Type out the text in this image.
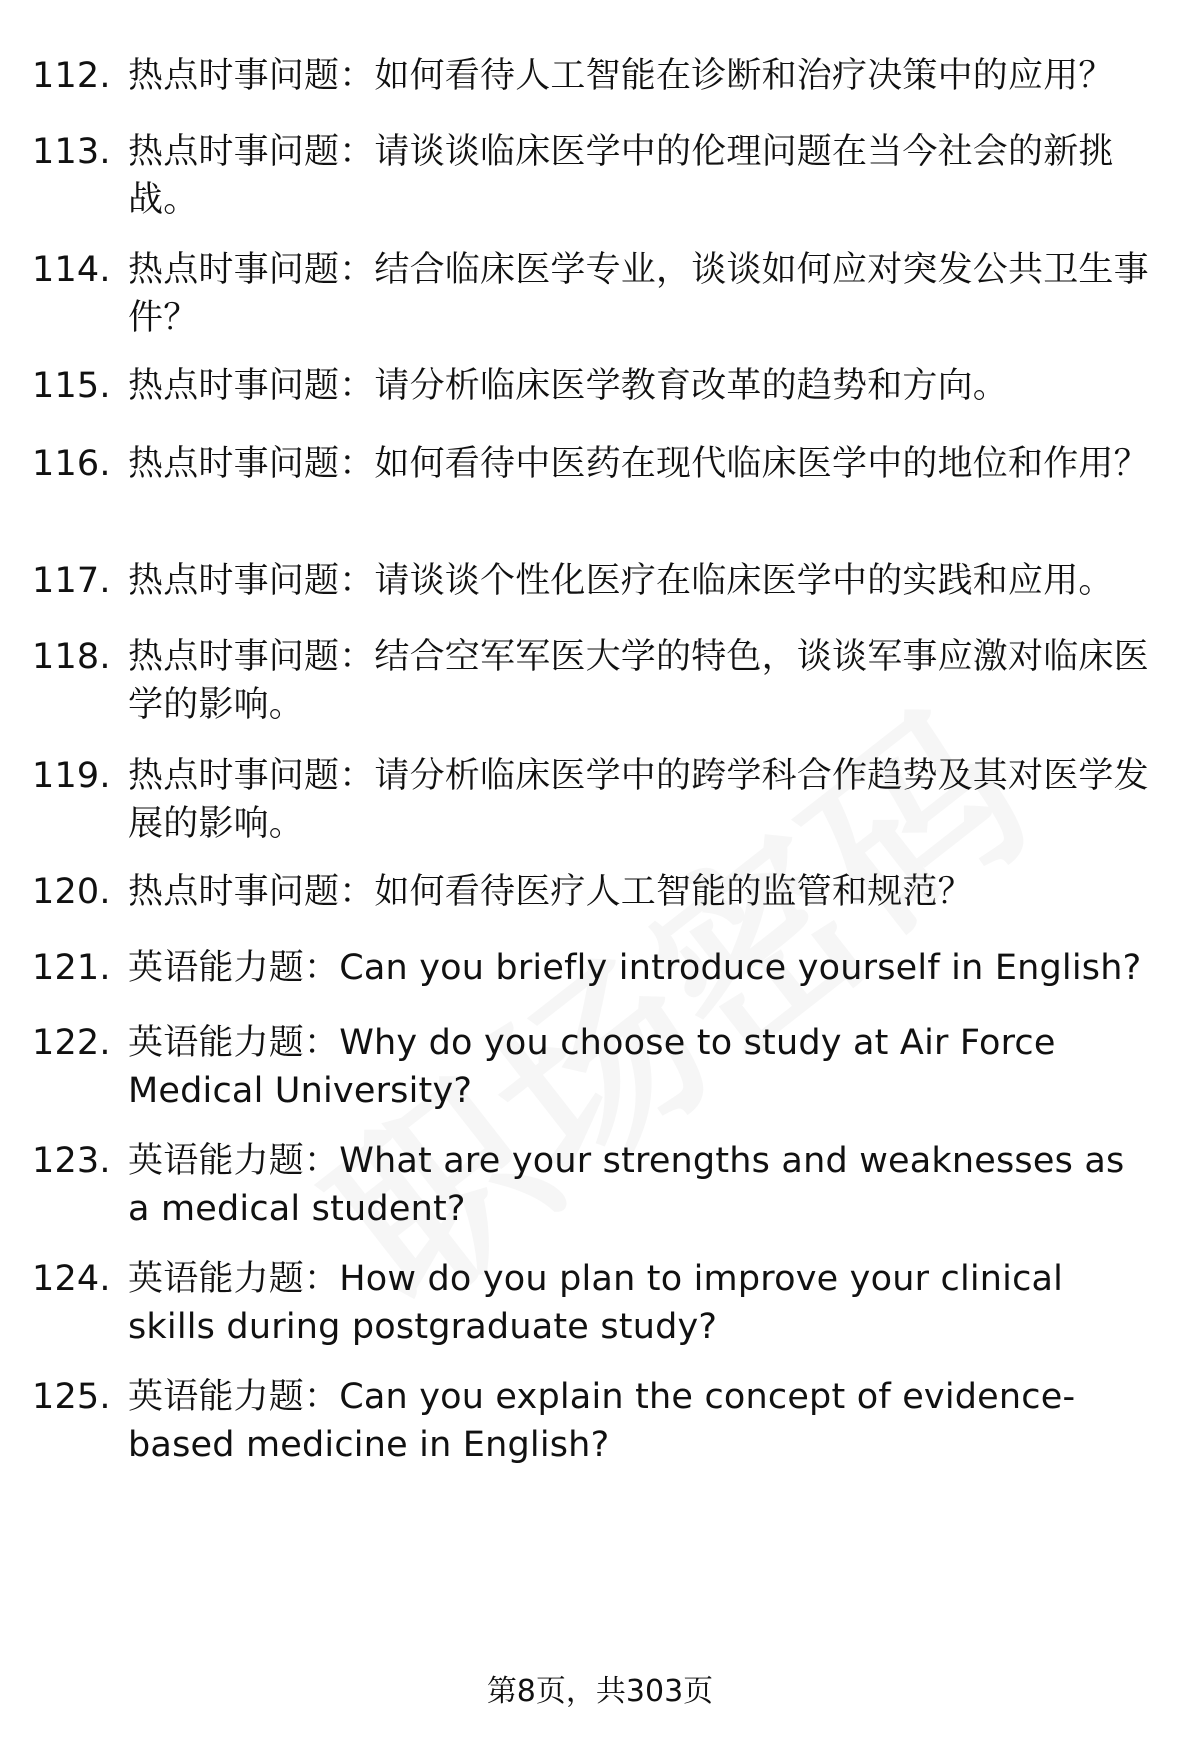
112. 热点时事问题：如何看待人工智能在诊断和治疗决策中的应用？
113. 热点时事问题：请谈谈临床医学中的伦理问题在当今社会的新挑战。
114. 热点时事问题：结合临床医学专业，谈谈如何应对突发公共卫生事件？
115. 热点时事问题：请分析临床医学教育改革的趋势和方向。
116. 热点时事问题：如何看待中医药在现代临床医学中的地位和作用？
117. 热点时事问题：请谈谈个性化医疗在临床医学中的实践和应用。
118. 热点时事问题：结合空军军医大学的特色，谈谈军事应激对临床医学的影响。
119. 热点时事问题：请分析临床医学中的跨学科合作趋势及其对医学发展的影响。
120. 热点时事问题：如何看待医疗人工智能的监管和规范？
121. 英语能力题：Can you briefly introduce yourself in English?
122. 英语能力题：Why do you choose to study at Air Force Medical University?
123. 英语能力题：What are your strengths and weaknesses as a medical student?
124. 英语能力题：How do you plan to improve your clinical skills during postgraduate study?
125. 英语能力题：Can you explain the concept of evidence-based medicine in English?
第8页，共303页
